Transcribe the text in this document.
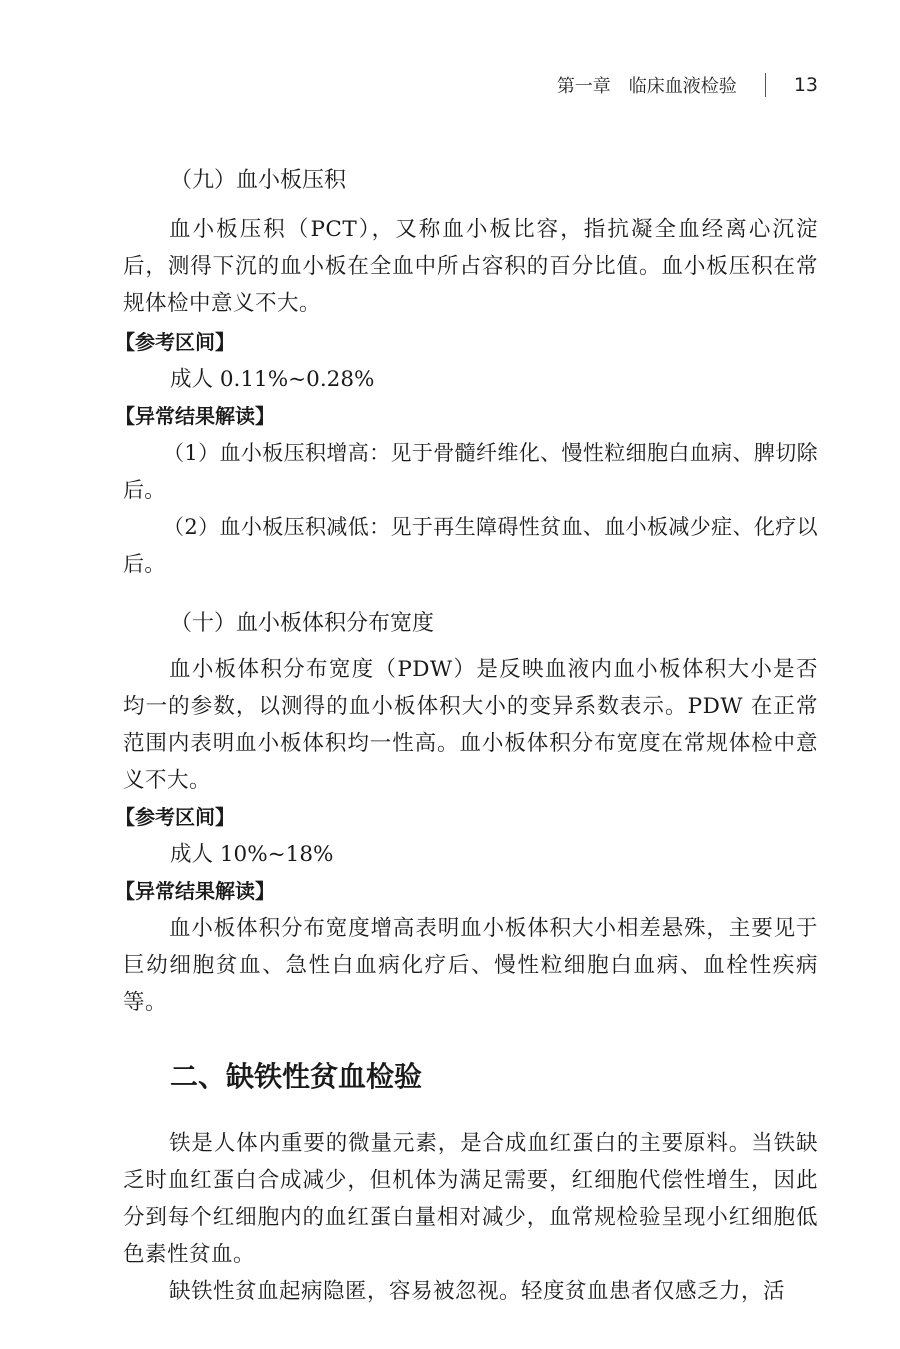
第一章　临床血液检验	13
（九）血小板压积

血小板压积（PCT），又称血小板比容，指抗凝全血经离心沉淀后，测得下沉的血小板在全血中所占容积的百分比值。血小板压积在常规体检中意义不大。

【参考区间】
成人 0.11%~0.28%
【异常结果解读】

（1）血小板压积增高：见于骨髓纤维化、慢性粒细胞白血病、脾切除后。

（2）血小板压积减低：见于再生障碍性贫血、血小板减少症、化疗以后。

（十）血小板体积分布宽度

血小板体积分布宽度（PDW）是反映血液内血小板体积大小是否均一的参数，以测得的血小板体积大小的变异系数表示。PDW 在正常范围内表明血小板体积均一性高。血小板体积分布宽度在常规体检中意义不大。

【参考区间】
成人 10%~18%
【异常结果解读】

血小板体积分布宽度增高表明血小板体积大小相差悬殊，主要见于巨幼细胞贫血、急性白血病化疗后、慢性粒细胞白血病、血栓性疾病等。

二、缺铁性贫血检验

铁是人体内重要的微量元素，是合成血红蛋白的主要原料。当铁缺乏时血红蛋白合成减少，但机体为满足需要，红细胞代偿性增生，因此分到每个红细胞内的血红蛋白量相对减少，血常规检验呈现小红细胞低色素性贫血。

缺铁性贫血起病隐匿，容易被忽视。轻度贫血患者仅感乏力，活
